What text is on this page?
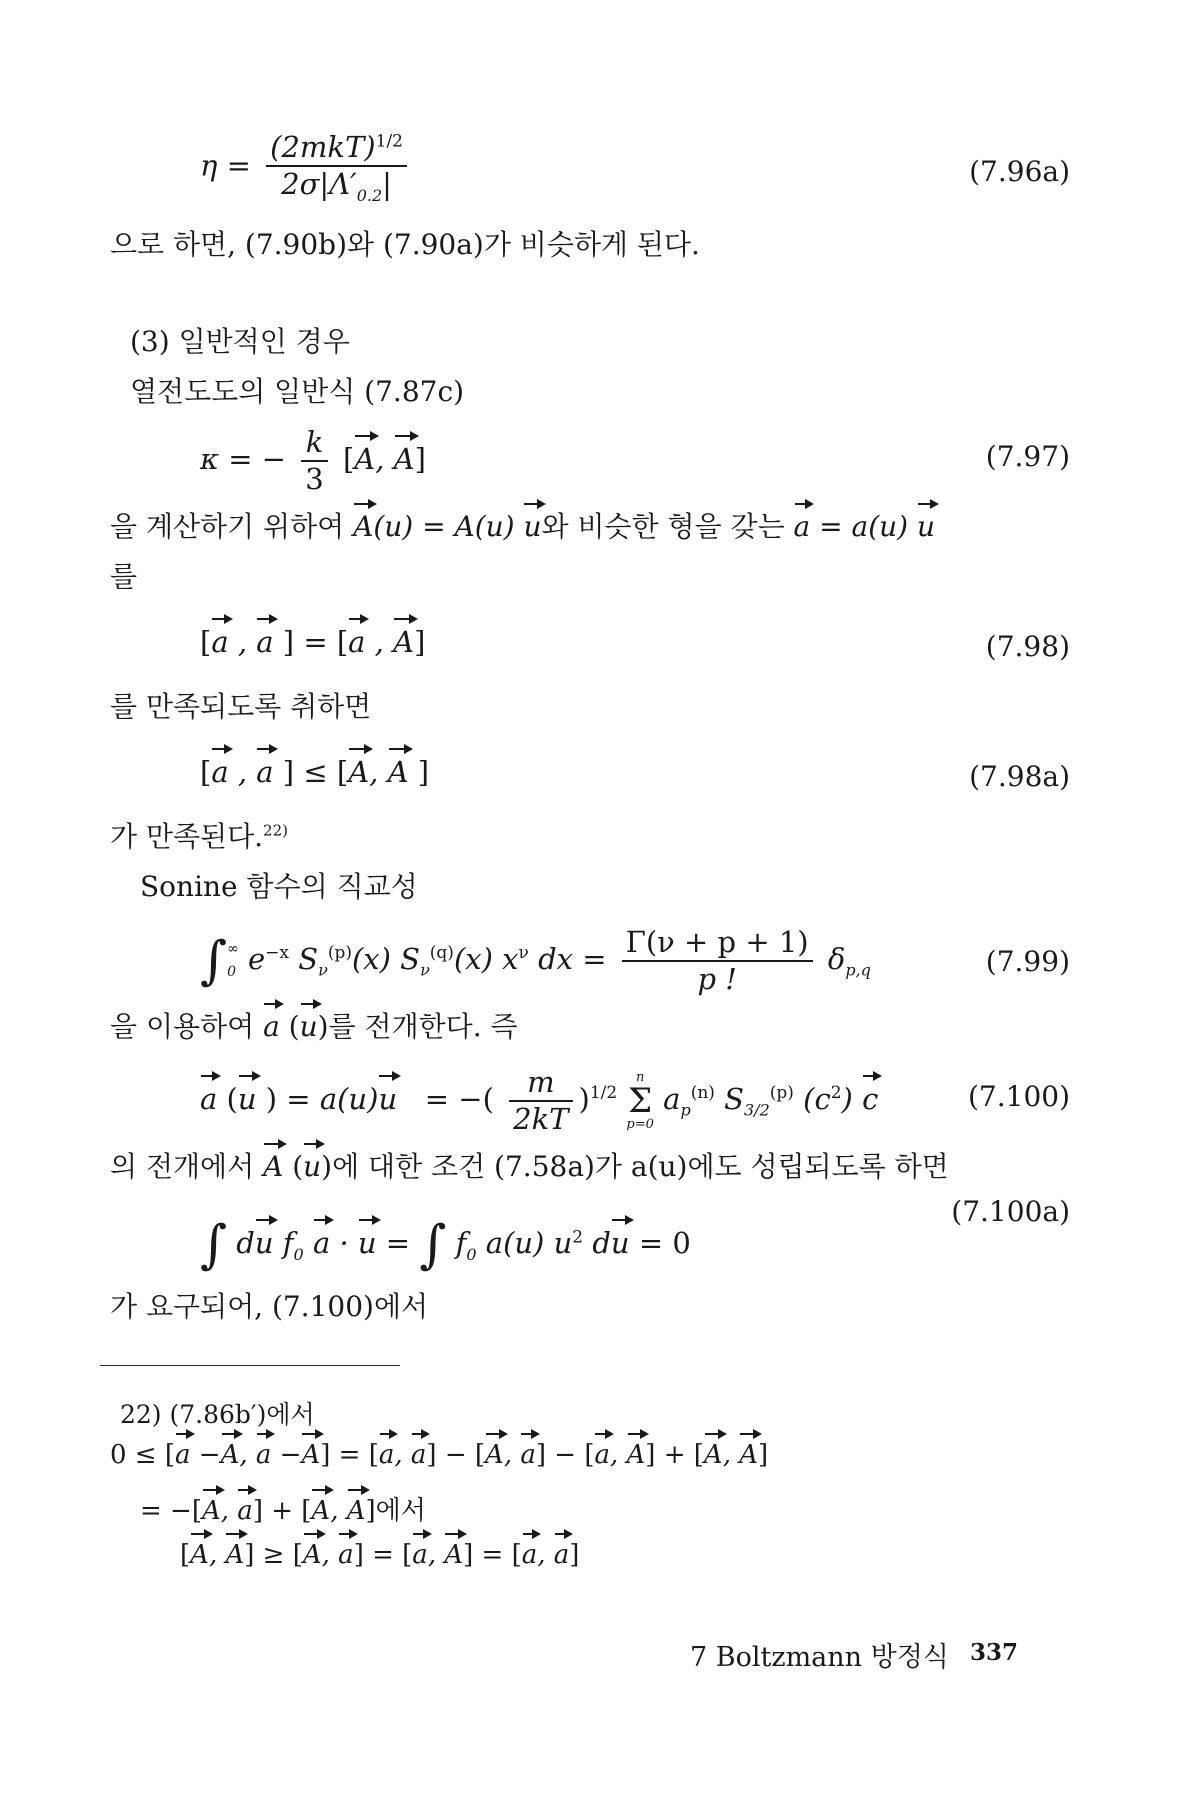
$\eta = \frac{(2mkT)^{1/2}}{2\sigma|\Lambda'_{0.2}|}$	(7.96a)
으로 하면, (7.90b)와 (7.90a)가 비슷하게 된다.
(3) 일반적인 경우
열전도도의 일반식 (7.87c)
κ = − $\frac{k}{3} [A$, A]	(7.97)
을 계산하기 위하여 A(u) = A(u) u와 비슷한 형을 갖는 a = a(u) u
를
[a , a ] = [a , A]	(7.98)
를 만족되도록 취하면
[a , a ] ≤ [A, A ]	(7.98a)
가 만족된다.$^{22)}$
Sonine 함수의 직교성
∫∞
0 $e^{-x}$ $S_\nu^{(p)}(x)$ $S_\nu^{(q)}(x)$ $x^\nu$ dx = $\frac{\Gamma(\nu + p + 1)}{p !} \delta_{p,q}$	(7.99)
을 이용하여 a (u)를 전개한다. 즉
a (u ) = a(u)u = −( $\frac{m}{2kT} )^{1/2}$
n
Σ
p=0
$a_p^{(n)}$ $S_{3/2}^{(p)}$ $(c^2)$ c	(7.100)
의 전개에서 A (u)에 대한 조건 (7.58a)가 a(u)에도 성립되도록 하면
∫ du $f_0$ a · u = ∫ $f_0$ a(u) $u^2$ du = 0
(7.100a)
가 요구되어, (7.100)에서
22) (7.86b′)에서
0 ≤ [a −A, a −A] = [a, a] − [A, a] − [a, A] + [A, A]
= −[A, a] + [A, A]에서
[A, A] ≥ [A, a] = [a, A] = [a, a]
7 Boltzmann 방정식 337
